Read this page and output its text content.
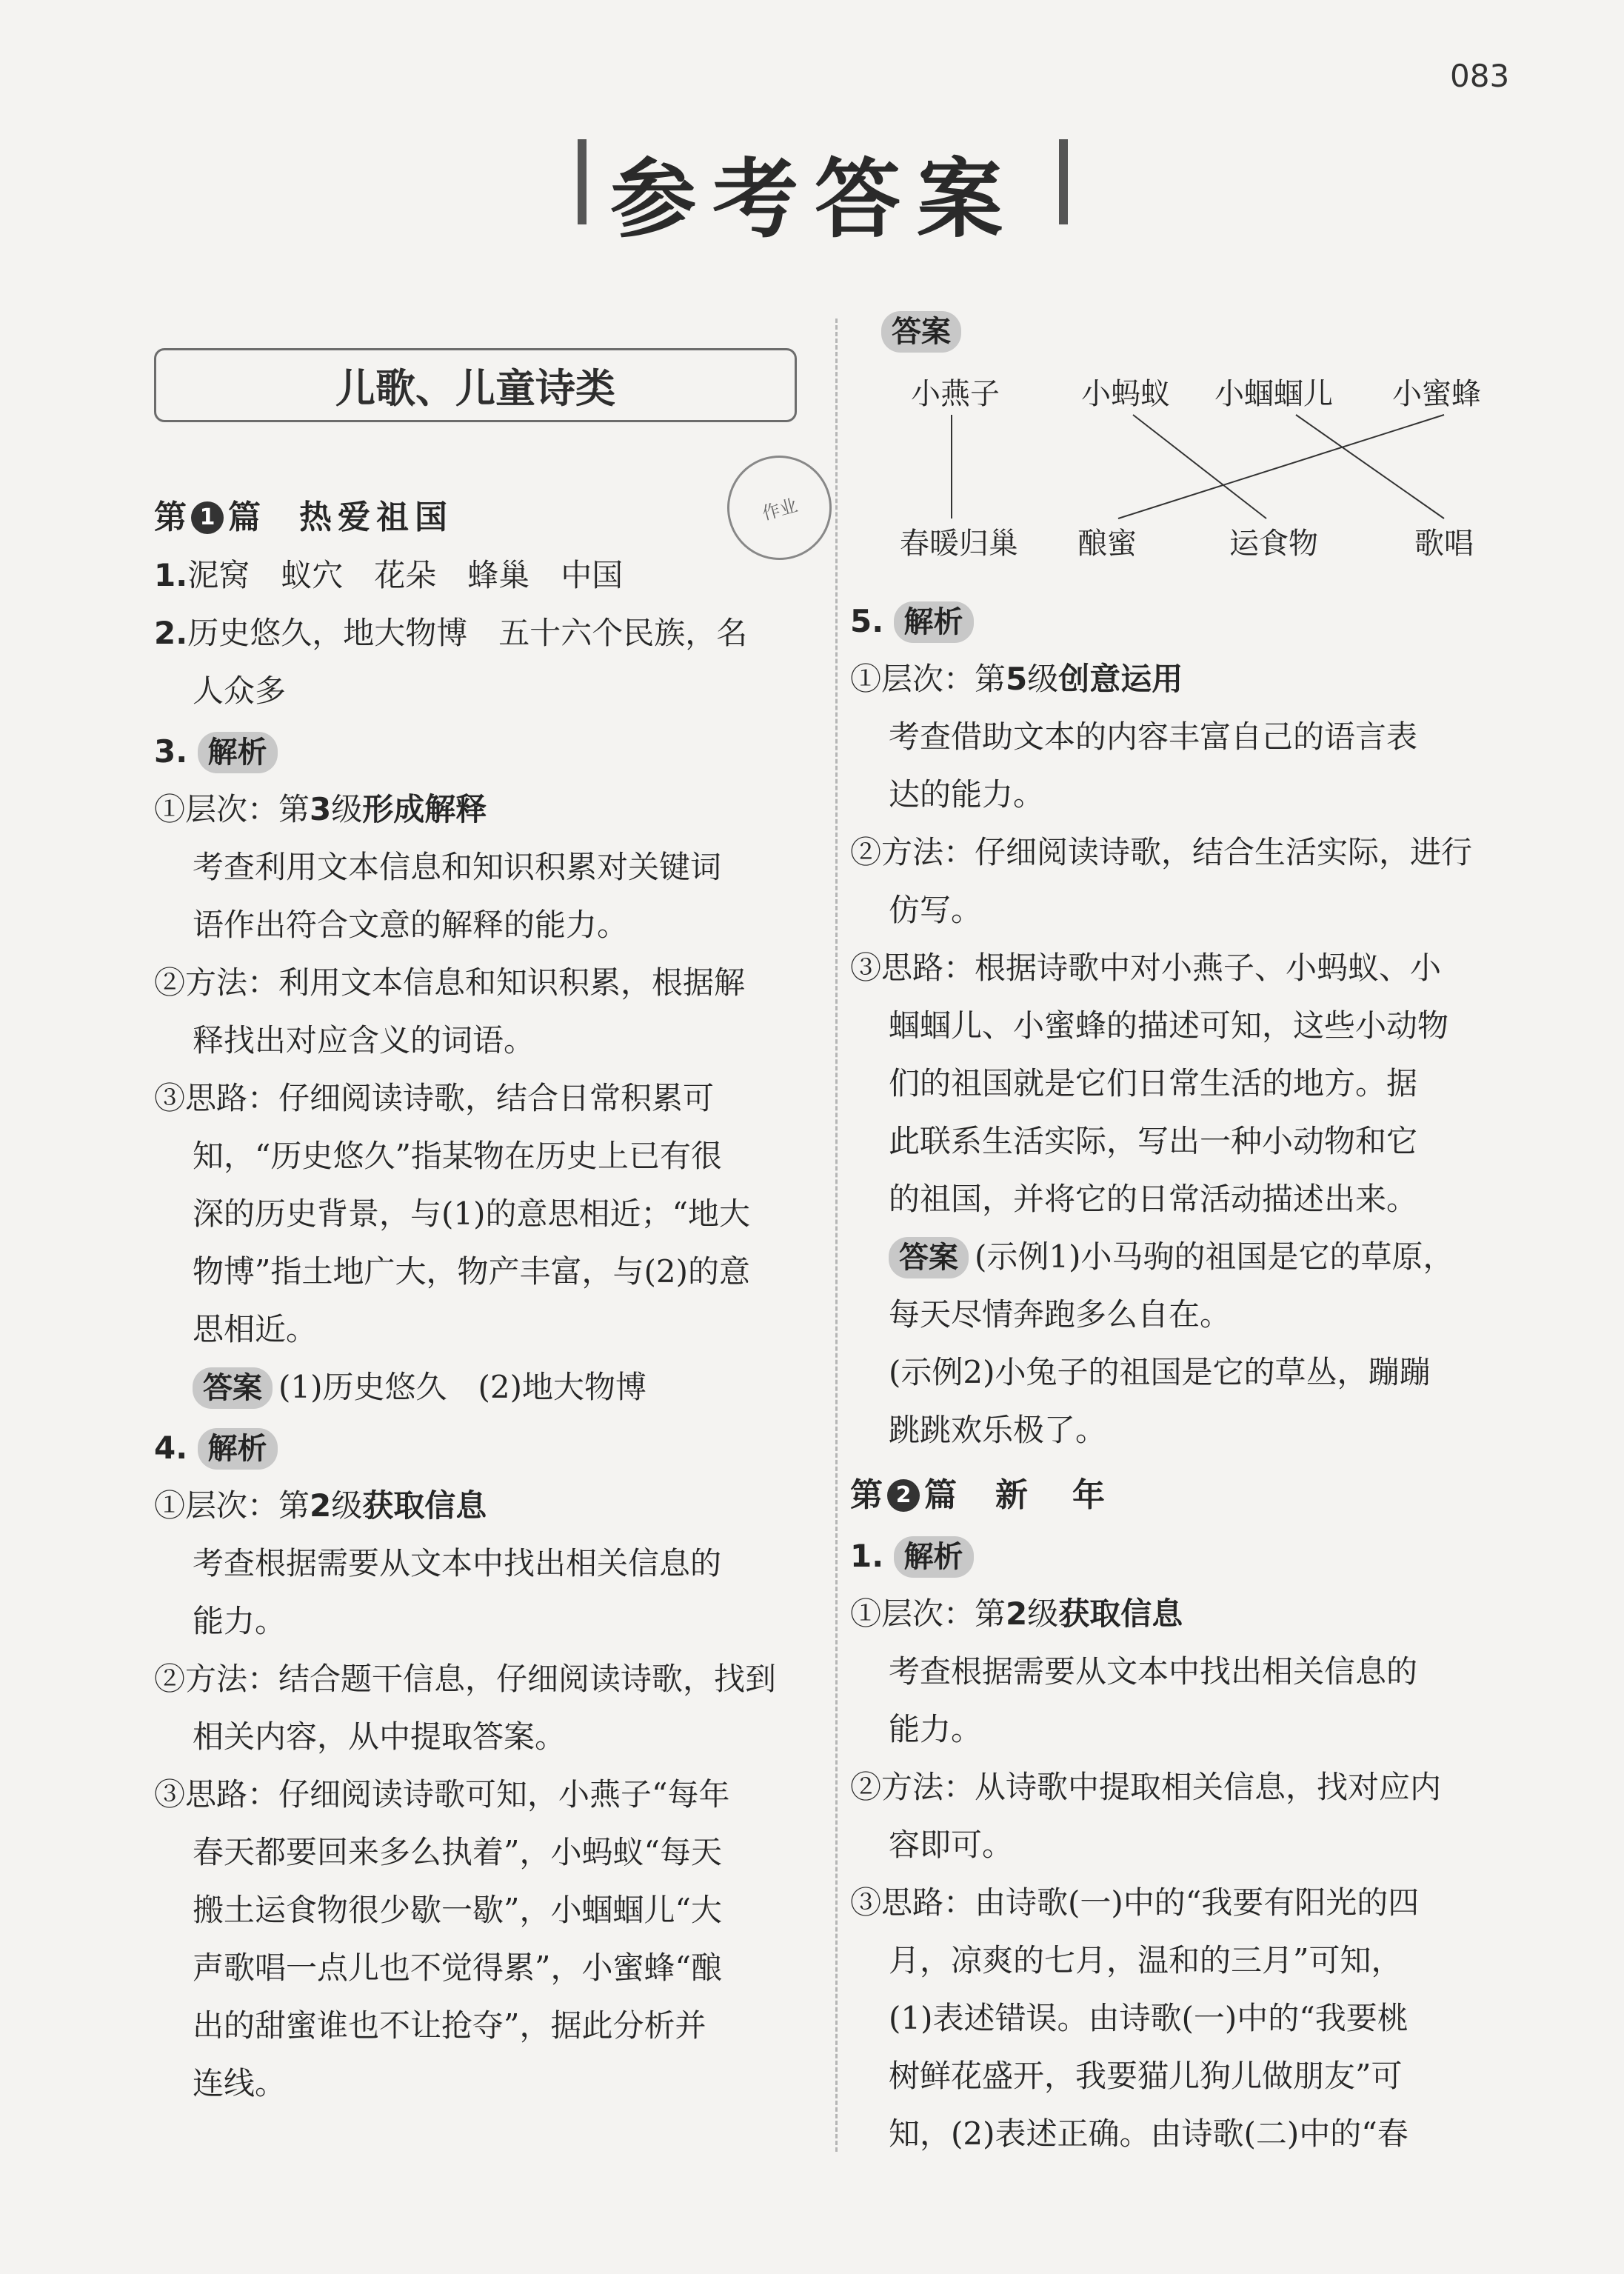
083
参考答案
儿歌、儿童诗类
作业
第 1 篇 热爱祖国

1.泥窝　蚁穴　花朵　蜂巢　中国

2.历史悠久，地大物博　五十六个民族，名

人众多

3. 解析

①层次：第3级形成解释

考查利用文本信息和知识积累对关键词

语作出符合文意的解释的能力。

②方法：利用文本信息和知识积累，根据解

释找出对应含义的词语。

③思路：仔细阅读诗歌，结合日常积累可

知，“历史悠久”指某物在历史上已有很

深的历史背景，与(1)的意思相近；“地大

物博”指土地广大，物产丰富，与(2)的意

思相近。

答案 (1)历史悠久　(2)地大物博

4. 解析

①层次：第2级获取信息

考查根据需要从文本中找出相关信息的

能力。

②方法：结合题干信息，仔细阅读诗歌，找到

相关内容，从中提取答案。

③思路：仔细阅读诗歌可知，小燕子“每年

春天都要回来多么执着”，小蚂蚁“每天

搬土运食物很少歇一歇”，小蝈蝈儿“大

声歌唱一点儿也不觉得累”，小蜜蜂“酿

出的甜蜜谁也不让抢夺”，据此分析并

连线。

答案
小燕子	小蚂蚁 小蝈蝈儿 小蜜蜂
春暖归巢 酿蜜	运食物	歌唱

5. 解析

①层次：第5级创意运用

考查借助文本的内容丰富自己的语言表

达的能力。

②方法：仔细阅读诗歌，结合生活实际，进行

仿写。

③思路：根据诗歌中对小燕子、小蚂蚁、小

蝈蝈儿、小蜜蜂的描述可知，这些小动物

们的祖国就是它们日常生活的地方。据

此联系生活实际，写出一种小动物和它

的祖国，并将它的日常活动描述出来。

答案 (示例1)小马驹的祖国是它的草原，

每天尽情奔跑多么自在。

(示例2)小兔子的祖国是它的草丛，蹦蹦

跳跳欢乐极了。

第 2 篇 新　年

1. 解析

①层次：第2级获取信息

考查根据需要从文本中找出相关信息的

能力。

②方法：从诗歌中提取相关信息，找对应内

容即可。

③思路：由诗歌(一)中的“我要有阳光的四

月，凉爽的七月，温和的三月”可知，

(1)表述错误。由诗歌(一)中的“我要桃

树鲜花盛开，我要猫儿狗儿做朋友”可

知，(2)表述正确。由诗歌(二)中的“春
